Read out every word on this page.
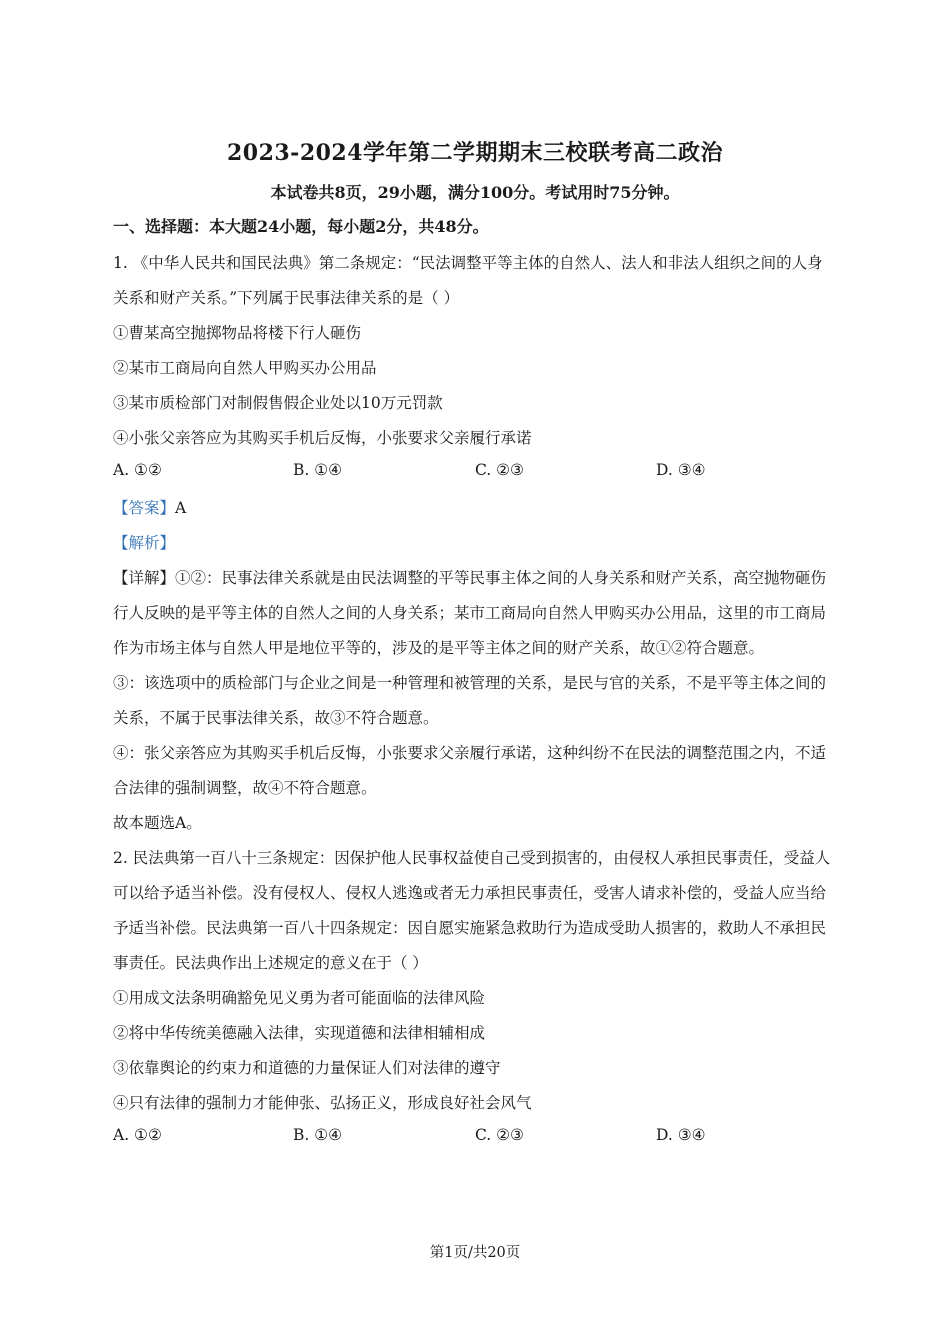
2023-2024学年第二学期期末三校联考高二政治
本试卷共8页，29小题，满分100分。考试用时75分钟。
一、选择题：本大题24小题，每小题2分，共48分。
1. 《中华人民共和国民法典》第二条规定：“民法调整平等主体的自然人、法人和非法人组织之间的人身
关系和财产关系。”下列属于民事法律关系的是（ ）
①曹某高空抛掷物品将楼下行人砸伤
②某市工商局向自然人甲购买办公用品
③某市质检部门对制假售假企业处以10万元罚款
④小张父亲答应为其购买手机后反悔，小张要求父亲履行承诺
A. ①②	B. ①④	C. ②③	D. ③④
【答案】A
【解析】
【详解】①②：民事法律关系就是由民法调整的平等民事主体之间的人身关系和财产关系，高空抛物砸伤
行人反映的是平等主体的自然人之间的人身关系；某市工商局向自然人甲购买办公用品，这里的市工商局
作为市场主体与自然人甲是地位平等的，涉及的是平等主体之间的财产关系，故①②符合题意。
③：该选项中的质检部门与企业之间是一种管理和被管理的关系，是民与官的关系，不是平等主体之间的
关系，不属于民事法律关系，故③不符合题意。
④：张父亲答应为其购买手机后反悔，小张要求父亲履行承诺，这种纠纷不在民法的调整范围之内，不适
合法律的强制调整，故④不符合题意。
故本题选A。
2. 民法典第一百八十三条规定：因保护他人民事权益使自己受到损害的，由侵权人承担民事责任，受益人
可以给予适当补偿。没有侵权人、侵权人逃逸或者无力承担民事责任，受害人请求补偿的，受益人应当给
予适当补偿。民法典第一百八十四条规定：因自愿实施紧急救助行为造成受助人损害的，救助人不承担民
事责任。民法典作出上述规定的意义在于（ ）
①用成文法条明确豁免见义勇为者可能面临的法律风险
②将中华传统美德融入法律，实现道德和法律相辅相成
③依靠舆论的约束力和道德的力量保证人们对法律的遵守
④只有法律的强制力才能伸张、弘扬正义，形成良好社会风气
A. ①②	B. ①④	C. ②③	D. ③④
第1页/共20页
